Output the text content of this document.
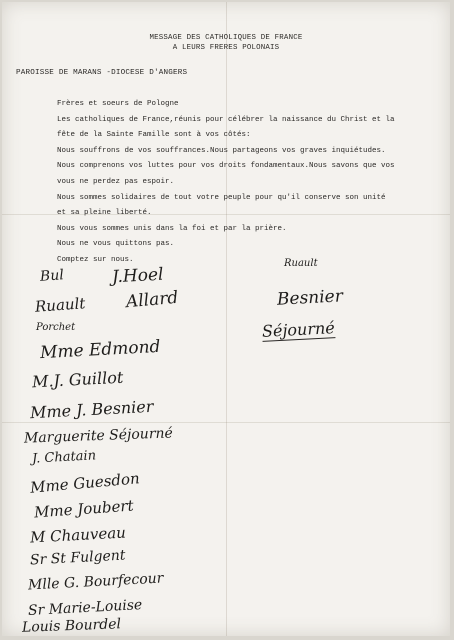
MESSAGE DES CATHOLIQUES DE FRANCE
A LEURS FRERES POLONAIS
PAROISSE DE MARANS -DIOCESE D'ANGERS
Frères et soeurs de Pologne
Les catholiques de France,réunis pour célébrer la naissance du Christ et la
fête de la Sainte Famille sont à vos côtés:
Nous souffrons de vos souffrances.Nous partageons vos graves inquiétudes.
Nous comprenons vos luttes pour vos droits fondamentaux.Nous savons que vos
vous ne perdez pas espoir.
Nous sommes solidaires de tout votre peuple pour qu'il conserve son unité
et sa pleine liberté.
Nous vous sommes unis dans la foi et par la prière.
Nous ne vous quittons pas.
Comptez sur nous.
Bul	J.Hoel
Ruault
Ruault Allard	Besnier
Porchet	Séjourné
Mme Edmond
M.J. Guillot
Mme J. Besnier
Marguerite Séjourné
J. Chatain
Mme Guesdon
Mme Joubert
M Chauveau
Sr St Fulgent
Mlle G. Bourfecour
Sr Marie-Louise
Louis Bourdel
